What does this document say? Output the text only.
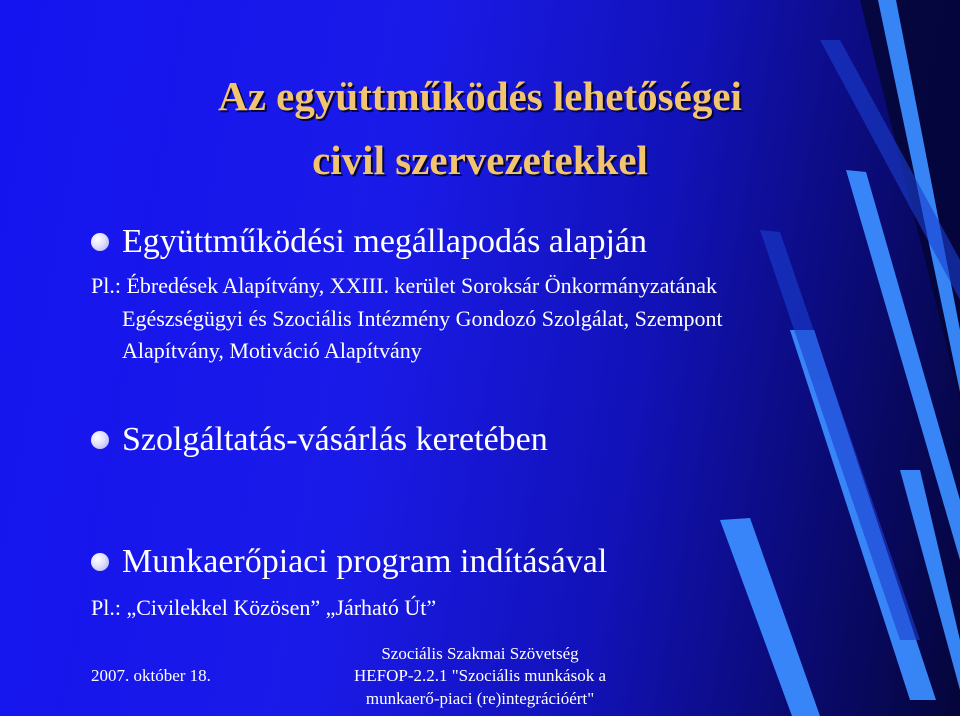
Az együttműködés lehetőségei
civil szervezetekkel
Együttműködési megállapodás alapján
Pl.: Ébredések Alapítvány, XXIII. kerület Soroksár Önkormányzatának
Egészségügyi és Szociális Intézmény Gondozó Szolgálat, Szempont
Alapítvány, Motiváció Alapítvány
Szolgáltatás-vásárlás keretében
Munkaerőpiaci program indításával
Pl.: „Civilekkel Közösen” „Járható Út”
2007. október 18.
Szociális Szakmai Szövetség
HEFOP-2.2.1 "Szociális munkások a
munkaerő-piaci (re)integrációért"
